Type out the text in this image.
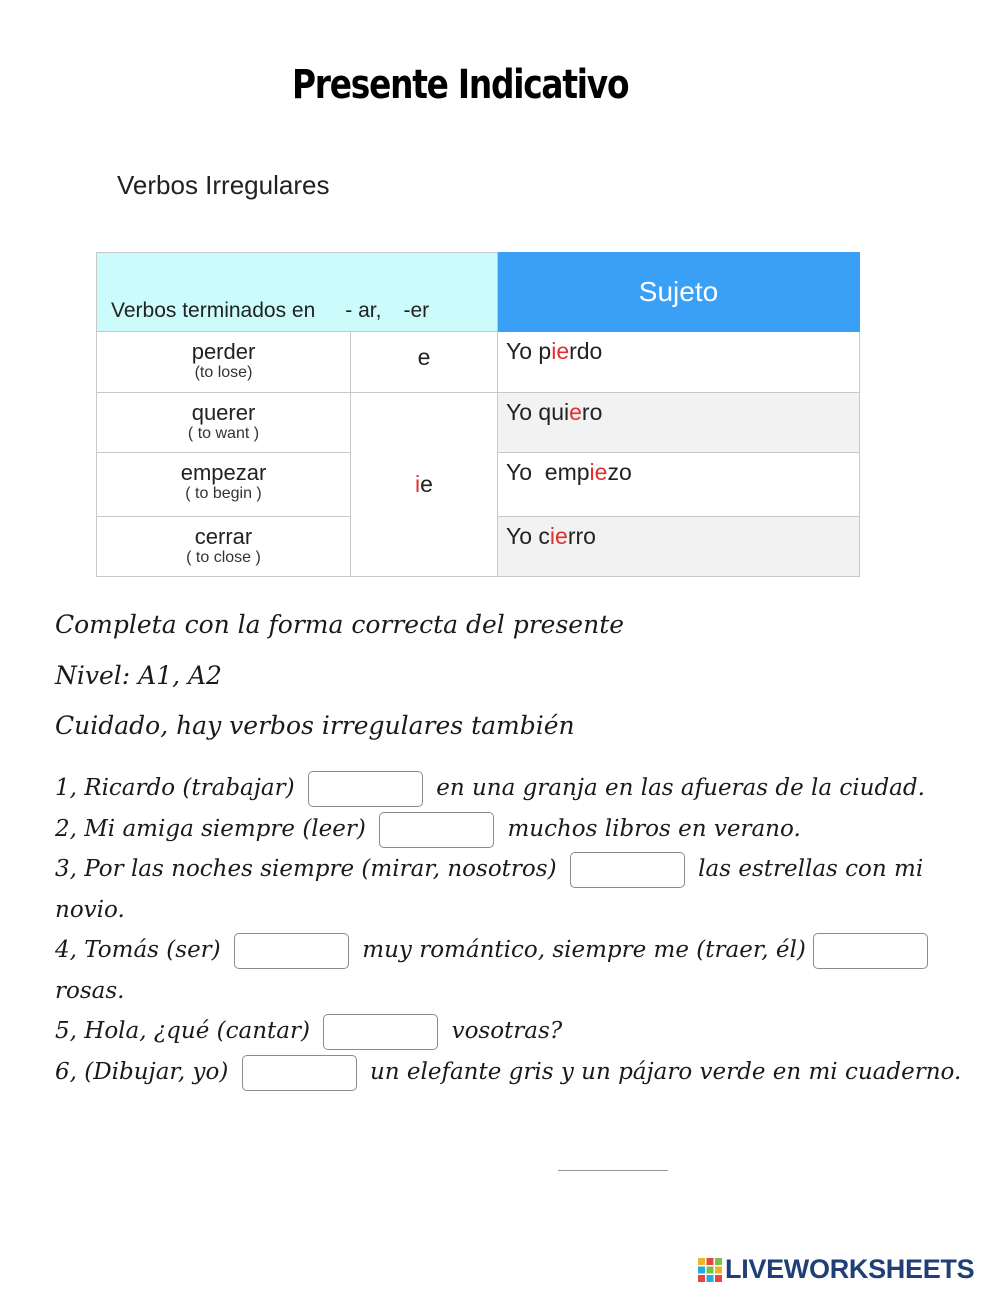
Presente Indicativo
Verbos Irregulares
Verbos terminados en - ar, -er		Sujeto

perder
(to lose)	e	Yo pierdo

querer
( to want )	ie	Yo quiero

empezar
( to begin )		Yo  empiezo

cerrar
( to close )		Yo cierro
Completa con la forma correcta del presente
Nivel: A1, A2
Cuidado, hay verbos irregulares también

1, Ricardo (trabajar)	en una granja en las afueras de la ciudad.

2, Mi amiga siempre (leer)	muchos libros en verano.

3, Por las noches siempre (mirar, nosotros)	las estrellas con mi novio.

4, Tomás (ser)	muy romántico, siempre me (traer, él)  rosas.

5, Hola, ¿qué (cantar)	vosotras?

6, (Dibujar, yo)	un elefante gris y un pájaro verde en mi cuaderno.

LIVEWORKSHEETS
